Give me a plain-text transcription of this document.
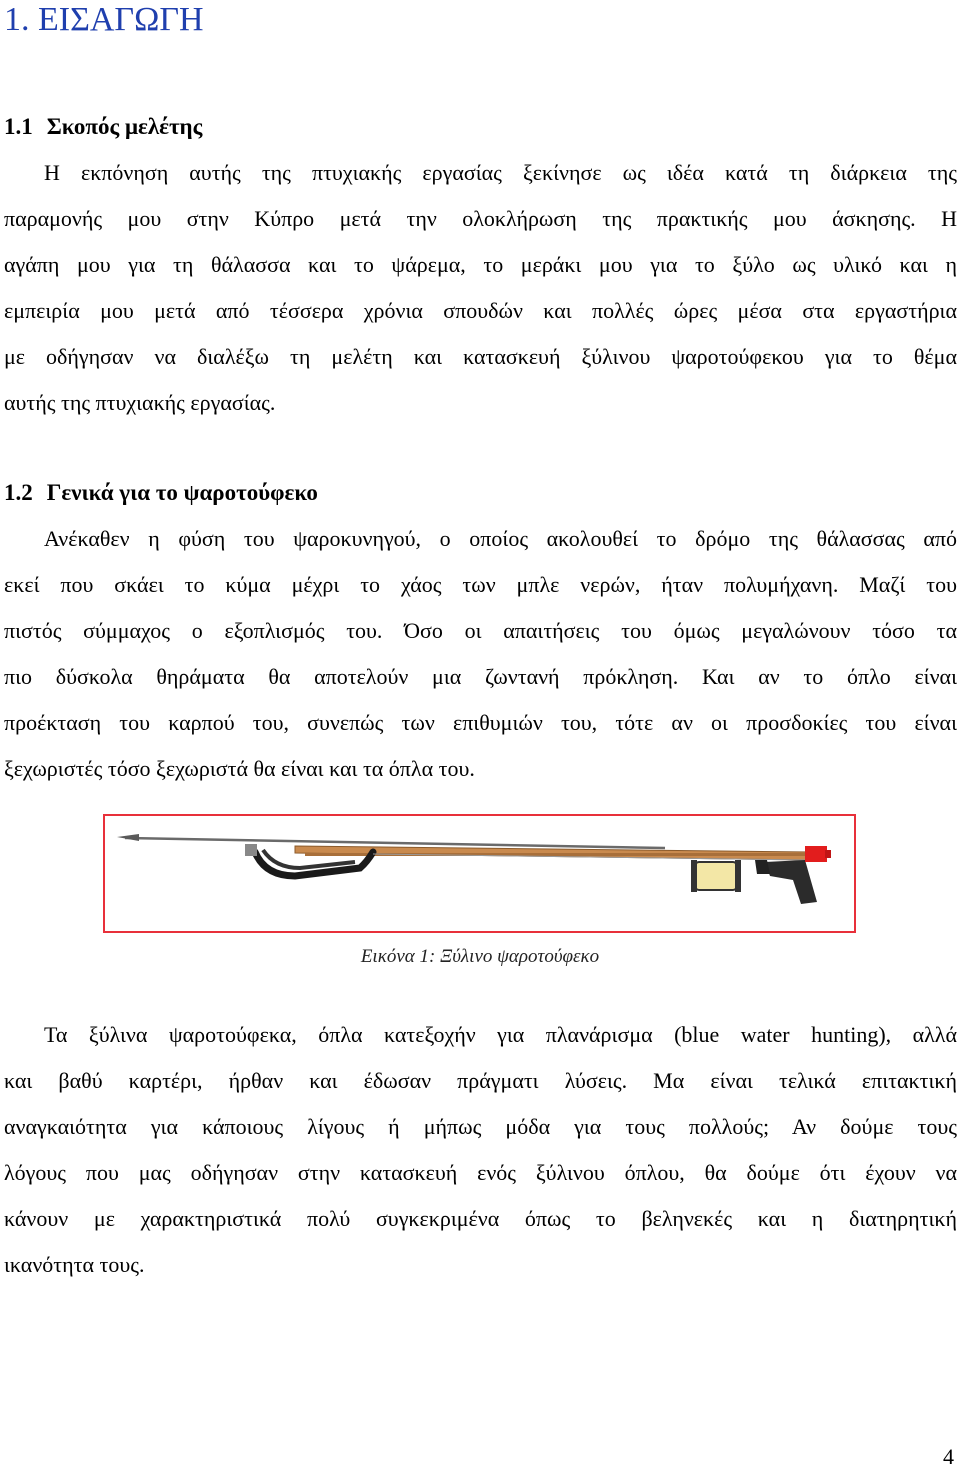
1. ΕΙΣΑΓΩΓΗ
1.1 Σκοπός μελέτης
Η εκπόνηση αυτής της πτυχιακής εργασίας ξεκίνησε ως ιδέα κατά τη διάρκεια της
παραμονής μου στην Κύπρο μετά την ολοκλήρωση της πρακτικής μου άσκησης. Η
αγάπη μου για τη θάλασσα και το ψάρεμα, το μεράκι μου για το ξύλο ως υλικό και η
εμπειρία μου μετά από τέσσερα χρόνια σπουδών και πολλές ώρες μέσα στα εργαστήρια
με οδήγησαν να διαλέξω τη μελέτη και κατασκευή ξύλινου ψαροτούφεκου για το θέμα
αυτής της πτυχιακής εργασίας.
1.2 Γενικά για το ψαροτούφεκο
Ανέκαθεν η φύση του ψαροκυνηγού, ο οποίος ακολουθεί το δρόμο της θάλασσας από
εκεί που σκάει το κύμα μέχρι το χάος των μπλε νερών, ήταν πολυμήχανη. Μαζί του
πιστός σύμμαχος ο εξοπλισμός του. Όσο οι απαιτήσεις του όμως μεγαλώνουν τόσο τα
πιο δύσκολα θηράματα θα αποτελούν μια ζωντανή πρόκληση. Και αν το όπλο είναι
προέκταση του καρπού του, συνεπώς των επιθυμιών του, τότε αν οι προσδοκίες του είναι
ξεχωριστές τόσο ξεχωριστά θα είναι και τα όπλα του.
Εικόνα 1: Ξύλινο ψαροτούφεκο
Τα ξύλινα ψαροτούφεκα, όπλα κατεξοχήν για πλανάρισμα (blue water hunting), αλλά
και βαθύ καρτέρι, ήρθαν και έδωσαν πράγματι λύσεις. Μα είναι τελικά επιτακτική
αναγκαιότητα για κάποιους λίγους ή μήπως μόδα για τους πολλούς; Αν δούμε τους
λόγους που μας οδήγησαν στην κατασκευή ενός ξύλινου όπλου, θα δούμε ότι έχουν να
κάνουν με χαρακτηριστικά πολύ συγκεκριμένα όπως το βεληνεκές και η διατηρητική
ικανότητα τους.
4
